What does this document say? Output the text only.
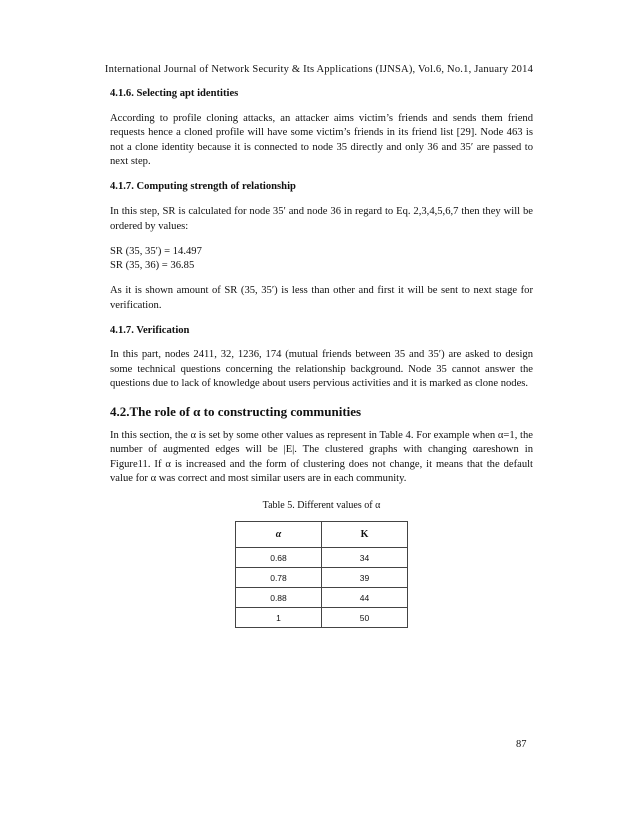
International Journal of Network Security & Its Applications (IJNSA), Vol.6, No.1, January 2014
4.1.6. Selecting apt identities

According to profile cloning attacks, an attacker aims victim’s friends and sends them friend requests hence a cloned profile will have some victim’s friends in its friend list [29]. Node 463 is not a clone identity because it is connected to node 35 directly and only 36 and 35′ are passed to next step.

4.1.7. Computing strength of relationship

In this step, SR is calculated for node 35′ and node 36 in regard to Eq. 2,3,4,5,6,7 then they will be ordered by values:

SR (35, 35′) = 14.497

SR (35, 36) = 36.85

As it is shown amount of SR (35, 35′) is less than other and first it will be sent to next stage for verification.

4.1.7. Verification

In this part, nodes 2411, 32, 1236, 174 (mutual friends between 35 and 35′) are asked to design some technical questions concerning the relationship background. Node 35 cannot answer the questions due to lack of knowledge about users pervious activities and it is marked as clone nodes.

4.2.The role of α to constructing communities

In this section, the α is set by some other values as represent in Table 4. For example when α=1, the number of augmented edges will be |E|. The clustered graphs with changing αareshown in Figure11. If α is increased and the form of clustering does not change, it means that the default value for α was correct and most similar users are in each community.

Table 5. Different values of α
α	K
0.68	34
0.78	39
0.88	44
1	50
87
